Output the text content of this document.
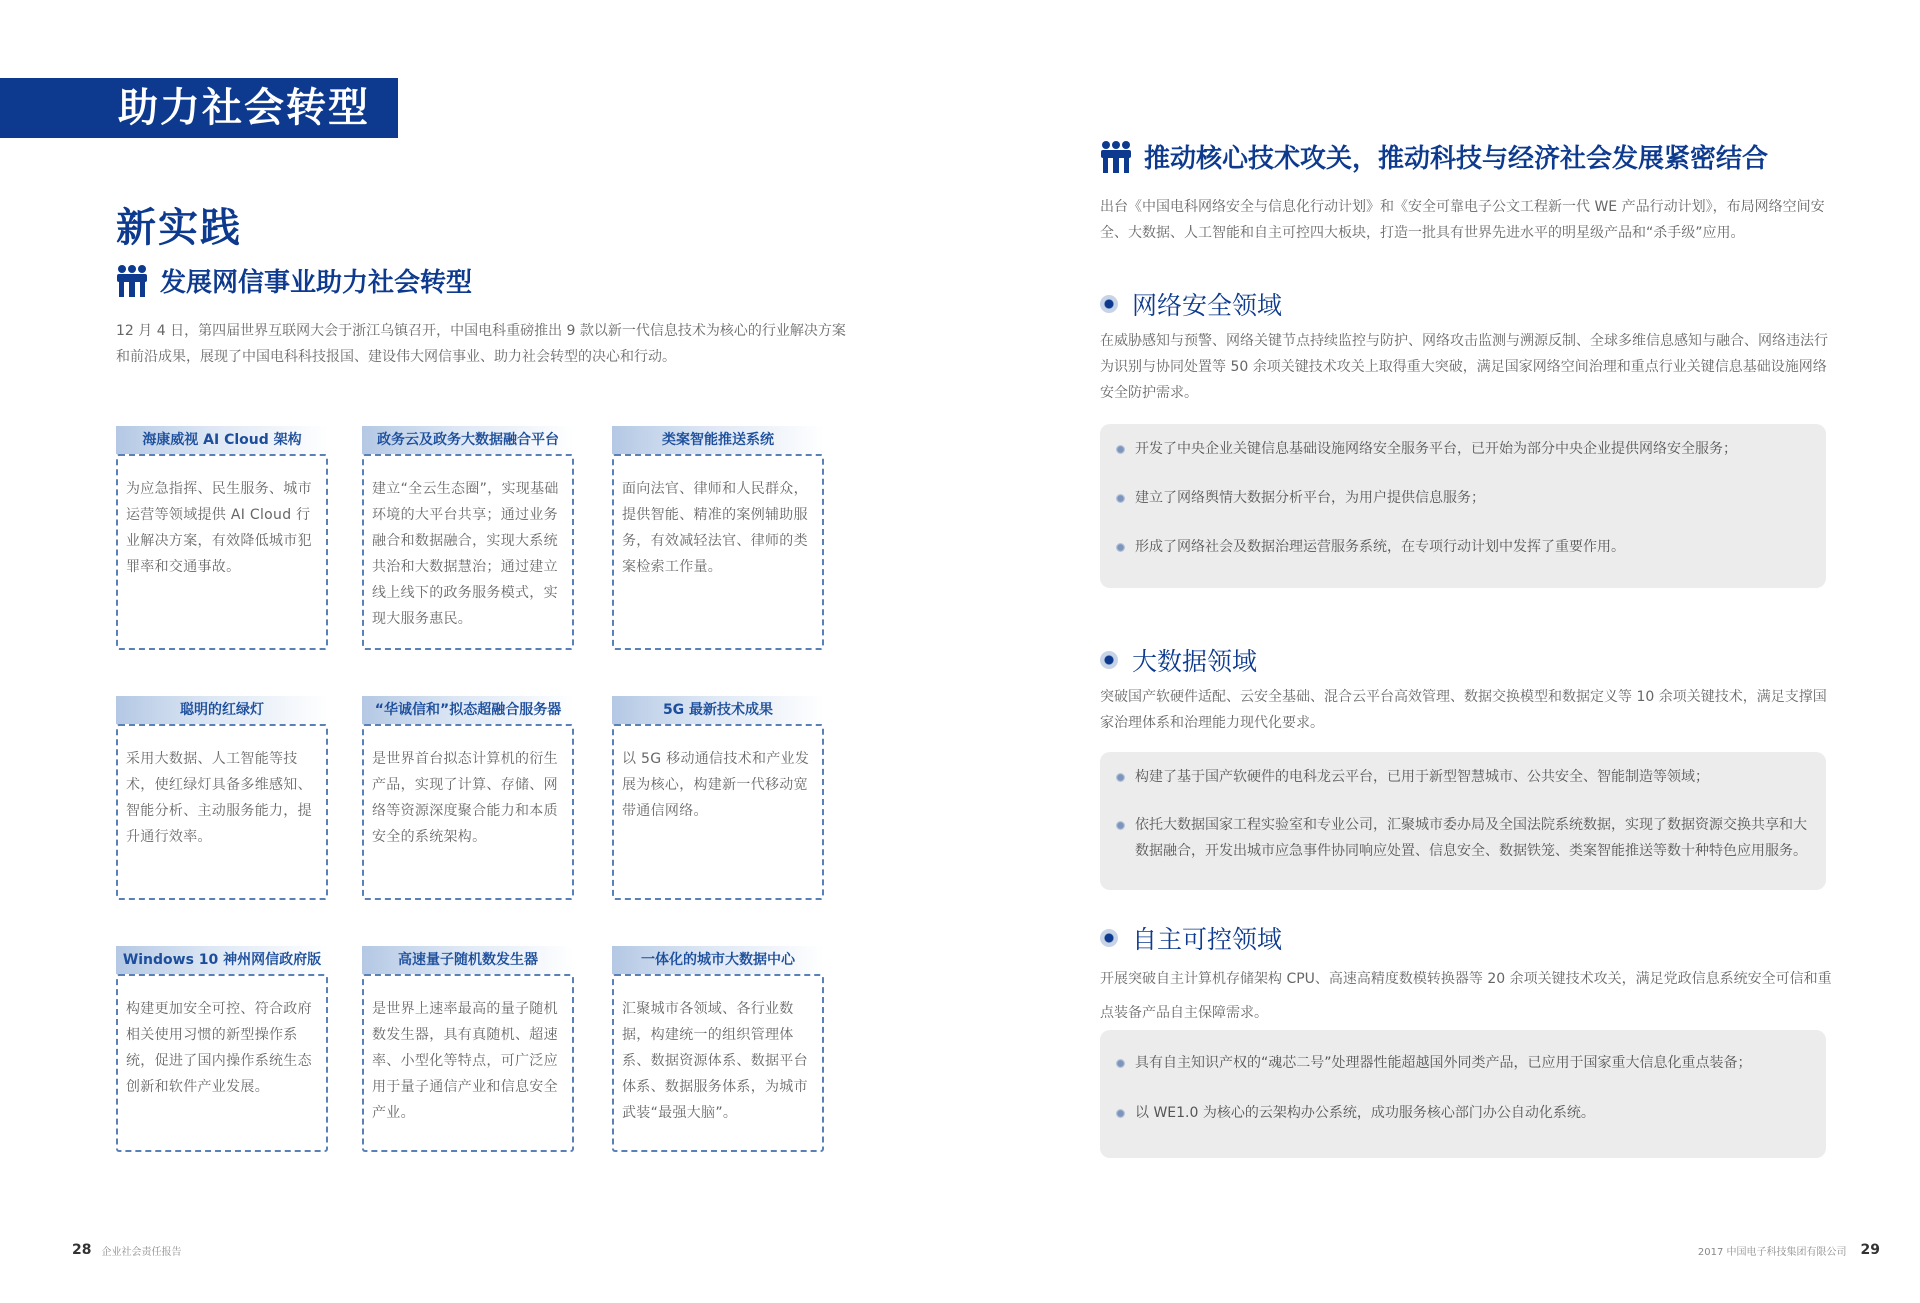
助力社会转型
新实践
发展网信事业助力社会转型
12 月 4 日，第四届世界互联网大会于浙江乌镇召开，中国电科重磅推出 9 款以新一代信息技术为核心的行业解决方案和前沿成果，展现了中国电科科技报国、建设伟大网信事业、助力社会转型的决心和行动。
海康威视 AI Cloud 架构
为应急指挥、民生服务、城市运营等领域提供 AI Cloud 行业解决方案，有效降低城市犯罪率和交通事故。
政务云及政务大数据融合平台
建立“全云生态圈”，实现基础环境的大平台共享；通过业务融合和数据融合，实现大系统共治和大数据慧治；通过建立线上线下的政务服务模式，实现大服务惠民。
类案智能推送系统
面向法官、律师和人民群众，提供智能、精准的案例辅助服务，有效减轻法官、律师的类案检索工作量。
聪明的红绿灯
采用大数据、人工智能等技术，使红绿灯具备多维感知、智能分析、主动服务能力，提升通行效率。
“华诚信和”拟态超融合服务器
是世界首台拟态计算机的衍生产品，实现了计算、存储、网络等资源深度聚合能力和本质安全的系统架构。
5G 最新技术成果
以 5G 移动通信技术和产业发展为核心，构建新一代移动宽带通信网络。
Windows 10 神州网信政府版
构建更加安全可控、符合政府相关使用习惯的新型操作系统，促进了国内操作系统生态创新和软件产业发展。
高速量子随机数发生器
是世界上速率最高的量子随机数发生器，具有真随机、超速率、小型化等特点，可广泛应用于量子通信产业和信息安全产业。
一体化的城市大数据中心
汇聚城市各领域、各行业数据，构建统一的组织管理体系、数据资源体系、数据平台体系、数据服务体系，为城市武装“最强大脑”。
28 企业社会责任报告
推动核心技术攻关，推动科技与经济社会发展紧密结合
出台《中国电科网络安全与信息化行动计划》和《安全可靠电子公文工程新一代 WE 产品行动计划》，布局网络空间安全、大数据、人工智能和自主可控四大板块，打造一批具有世界先进水平的明星级产品和“杀手级”应用。
网络安全领域
在威胁感知与预警、网络关键节点持续监控与防护、网络攻击监测与溯源反制、全球多维信息感知与融合、网络违法行为识别与协同处置等 50 余项关键技术攻关上取得重大突破，满足国家网络空间治理和重点行业关键信息基础设施网络安全防护需求。
开发了中央企业关键信息基础设施网络安全服务平台，已开始为部分中央企业提供网络安全服务；
建立了网络舆情大数据分析平台，为用户提供信息服务；
形成了网络社会及数据治理运营服务系统，在专项行动计划中发挥了重要作用。
大数据领域
突破国产软硬件适配、云安全基础、混合云平台高效管理、数据交换模型和数据定义等 10 余项关键技术，满足支撑国家治理体系和治理能力现代化要求。
构建了基于国产软硬件的电科龙云平台，已用于新型智慧城市、公共安全、智能制造等领域；
依托大数据国家工程实验室和专业公司，汇聚城市委办局及全国法院系统数据，实现了数据资源交换共享和大数据融合，开发出城市应急事件协同响应处置、信息安全、数据铁笼、类案智能推送等数十种特色应用服务。
自主可控领域
开展突破自主计算机存储架构 CPU、高速高精度数模转换器等 20 余项关键技术攻关，满足党政信息系统安全可信和重点装备产品自主保障需求。
具有自主知识产权的“魂芯二号”处理器性能超越国外同类产品，已应用于国家重大信息化重点装备；
以 WE1.0 为核心的云架构办公系统，成功服务核心部门办公自动化系统。
2017 中国电子科技集团有限公司 29
